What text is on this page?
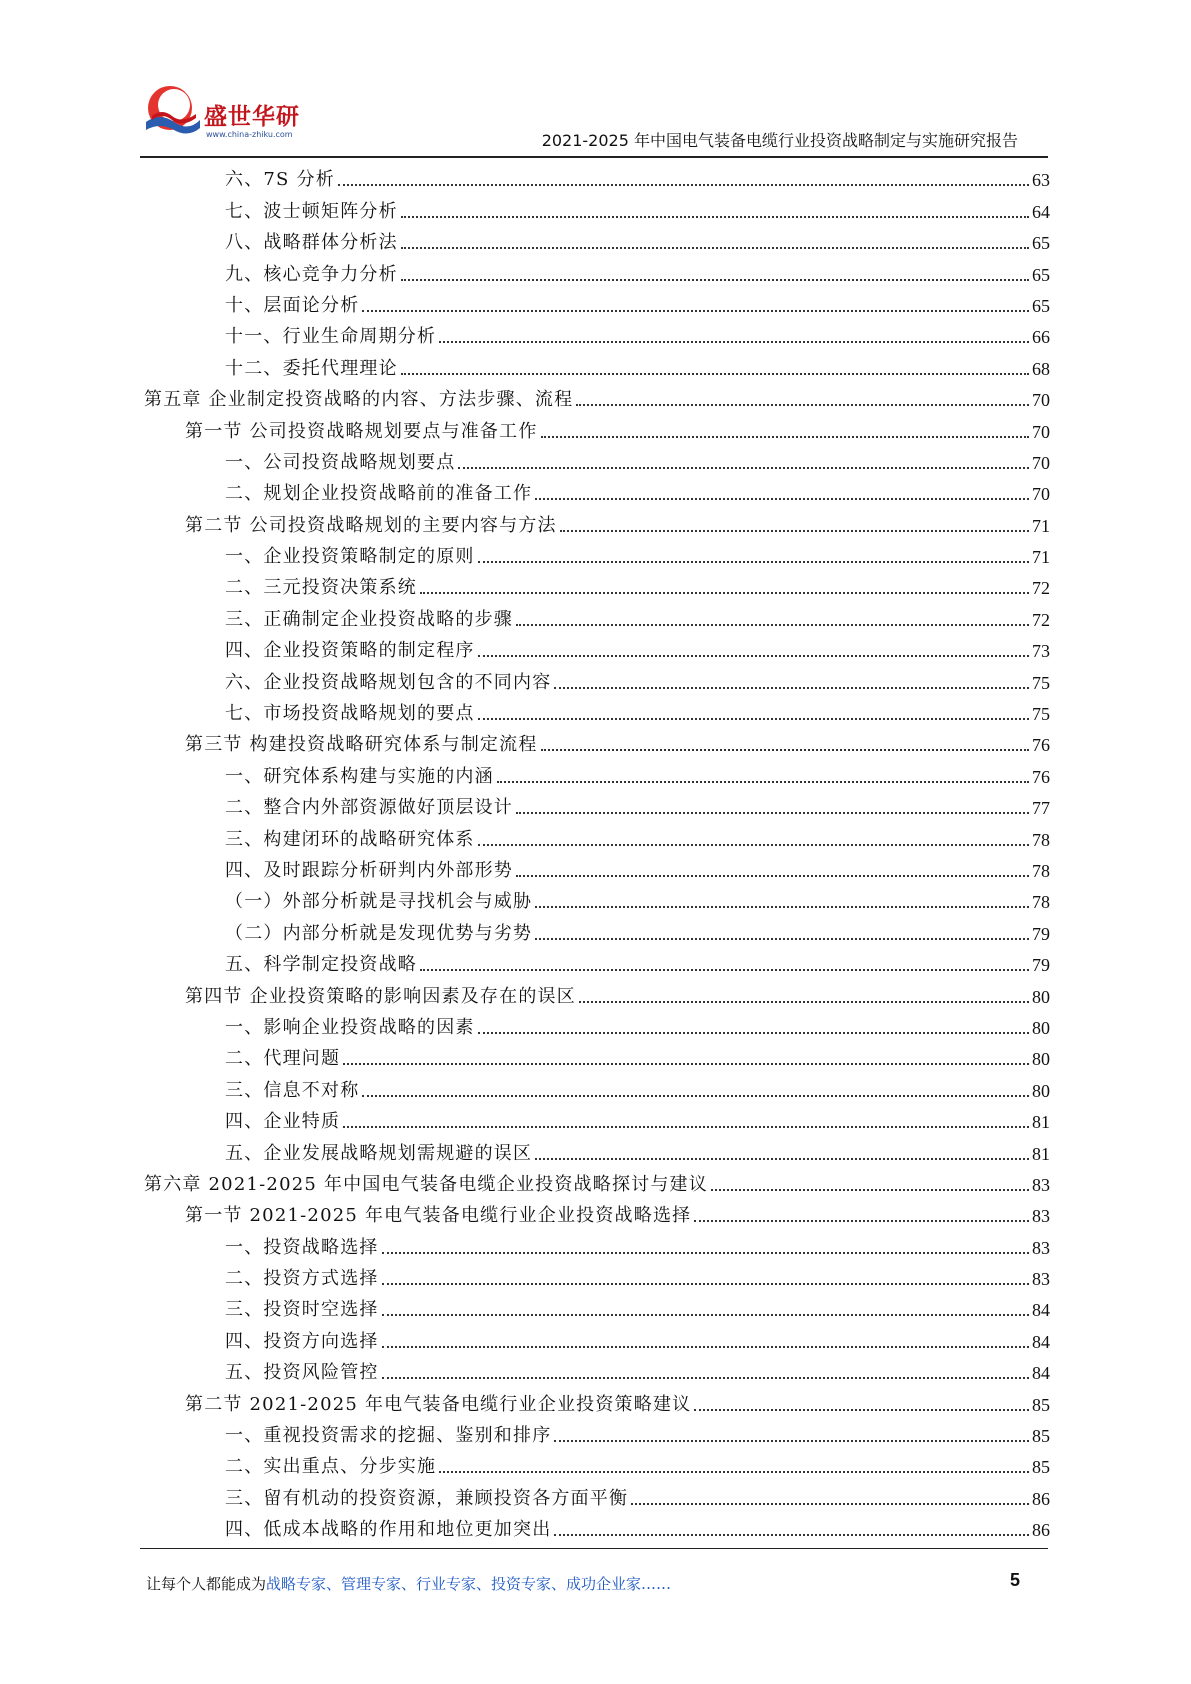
盛世华研
www.china-zhiku.com	2021-2025 年中国电气装备电缆行业投资战略制定与实施研究报告
六、7S 分析	63
七、波士顿矩阵分析	64
八、战略群体分析法	65
九、核心竞争力分析	65
十、层面论分析	65
十一、行业生命周期分析	66
十二、委托代理理论	68
第五章 企业制定投资战略的内容、方法步骤、流程	70
第一节 公司投资战略规划要点与准备工作	70
一、公司投资战略规划要点	70
二、规划企业投资战略前的准备工作	70
第二节 公司投资战略规划的主要内容与方法	71
一、企业投资策略制定的原则	71
二、三元投资决策系统	72
三、正确制定企业投资战略的步骤	72
四、企业投资策略的制定程序	73
六、企业投资战略规划包含的不同内容	75
七、市场投资战略规划的要点	75
第三节 构建投资战略研究体系与制定流程	76
一、研究体系构建与实施的内涵	76
二、整合内外部资源做好顶层设计	77
三、构建闭环的战略研究体系	78
四、及时跟踪分析研判内外部形势	78
（一）外部分析就是寻找机会与威胁	78
（二）内部分析就是发现优势与劣势	79
五、科学制定投资战略	79
第四节 企业投资策略的影响因素及存在的误区	80
一、影响企业投资战略的因素	80
二、代理问题	80
三、信息不对称	80
四、企业特质	81
五、企业发展战略规划需规避的误区	81
第六章 2021-2025 年中国电气装备电缆企业投资战略探讨与建议	83
第一节 2021-2025 年电气装备电缆行业企业投资战略选择	83
一、投资战略选择	83
二、投资方式选择	83
三、投资时空选择	84
四、投资方向选择	84
五、投资风险管控	84
第二节 2021-2025 年电气装备电缆行业企业投资策略建议	85
一、重视投资需求的挖掘、鉴别和排序	85
二、实出重点、分步实施	85
三、留有机动的投资资源，兼顾投资各方面平衡	86
四、低成本战略的作用和地位更加突出	86
让每个人都能成为战略专家、管理专家、行业专家、投资专家、成功企业家……	5
